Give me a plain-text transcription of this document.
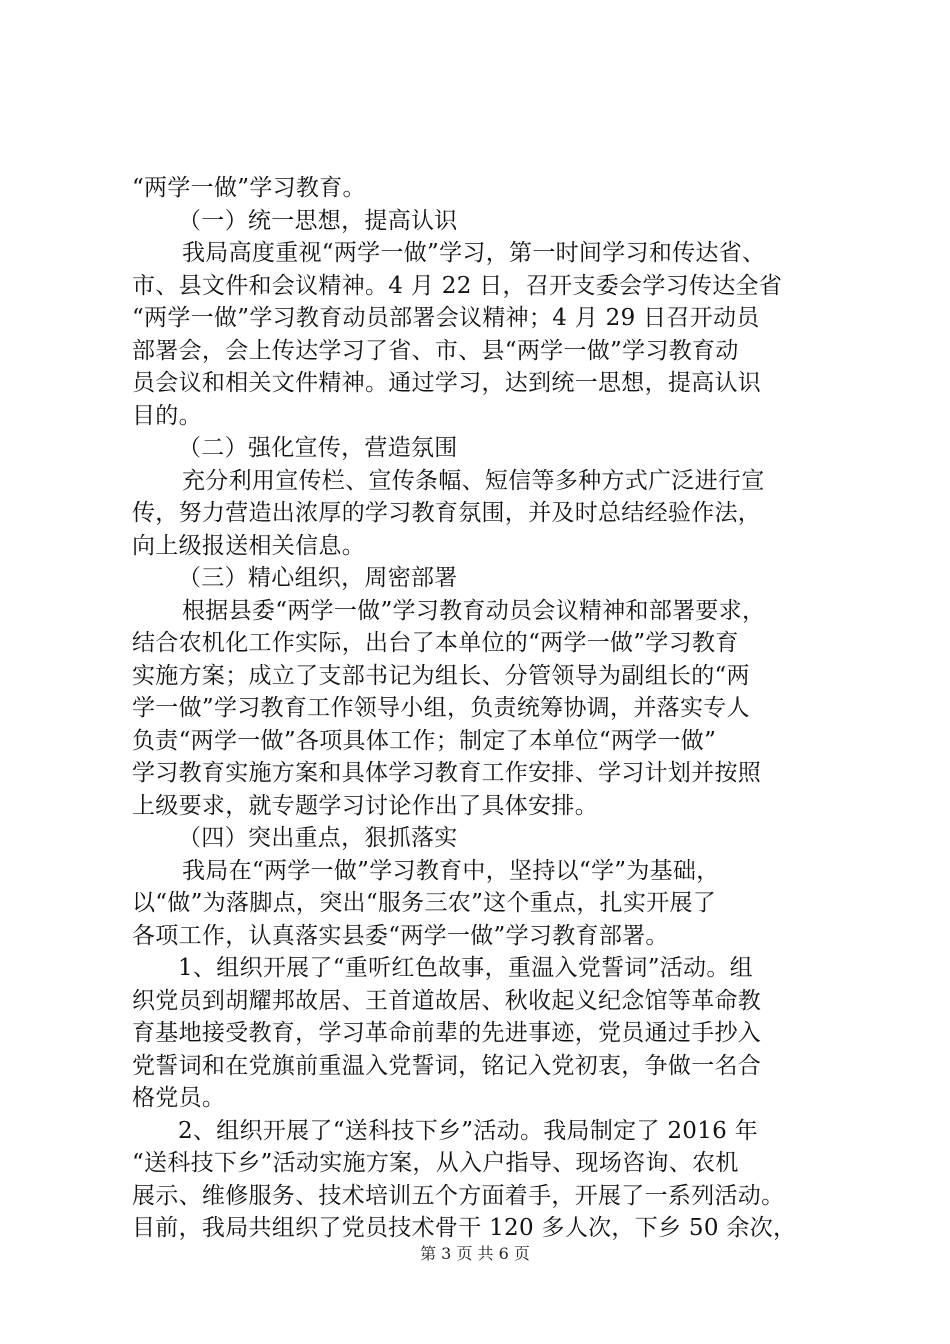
“两学一做”学习教育。
（一）统一思想，提高认识
我局高度重视“两学一做”学习，第一时间学习和传达省、
市、县文件和会议精神。4 月 22 日，召开支委会学习传达全省
“两学一做”学习教育动员部署会议精神；4 月 29 日召开动员
部署会，会上传达学习了省、市、县“两学一做”学习教育动
员会议和相关文件精神。通过学习，达到统一思想，提高认识
目的。
（二）强化宣传，营造氛围
充分利用宣传栏、宣传条幅、短信等多种方式广泛进行宣
传，努力营造出浓厚的学习教育氛围，并及时总结经验作法，
向上级报送相关信息。
（三）精心组织，周密部署
根据县委“两学一做”学习教育动员会议精神和部署要求，
结合农机化工作实际，出台了本单位的“两学一做”学习教育
实施方案；成立了支部书记为组长、分管领导为副组长的“两
学一做”学习教育工作领导小组，负责统筹协调，并落实专人
负责“两学一做”各项具体工作；制定了本单位“两学一做”
学习教育实施方案和具体学习教育工作安排、学习计划并按照
上级要求，就专题学习讨论作出了具体安排。
（四）突出重点，狠抓落实
我局在“两学一做”学习教育中，坚持以“学”为基础，
以“做”为落脚点，突出“服务三农”这个重点，扎实开展了
各项工作，认真落实县委“两学一做”学习教育部署。
1、组织开展了“重听红色故事，重温入党誓词”活动。组
织党员到胡耀邦故居、王首道故居、秋收起义纪念馆等革命教
育基地接受教育，学习革命前辈的先进事迹，党员通过手抄入
党誓词和在党旗前重温入党誓词，铭记入党初衷，争做一名合
格党员。
2、组织开展了“送科技下乡”活动。我局制定了 2016 年
“送科技下乡”活动实施方案，从入户指导、现场咨询、农机
展示、维修服务、技术培训五个方面着手，开展了一系列活动。
目前，我局共组织了党员技术骨干 120 多人次，下乡 50 余次，
第 3 页 共 6 页
